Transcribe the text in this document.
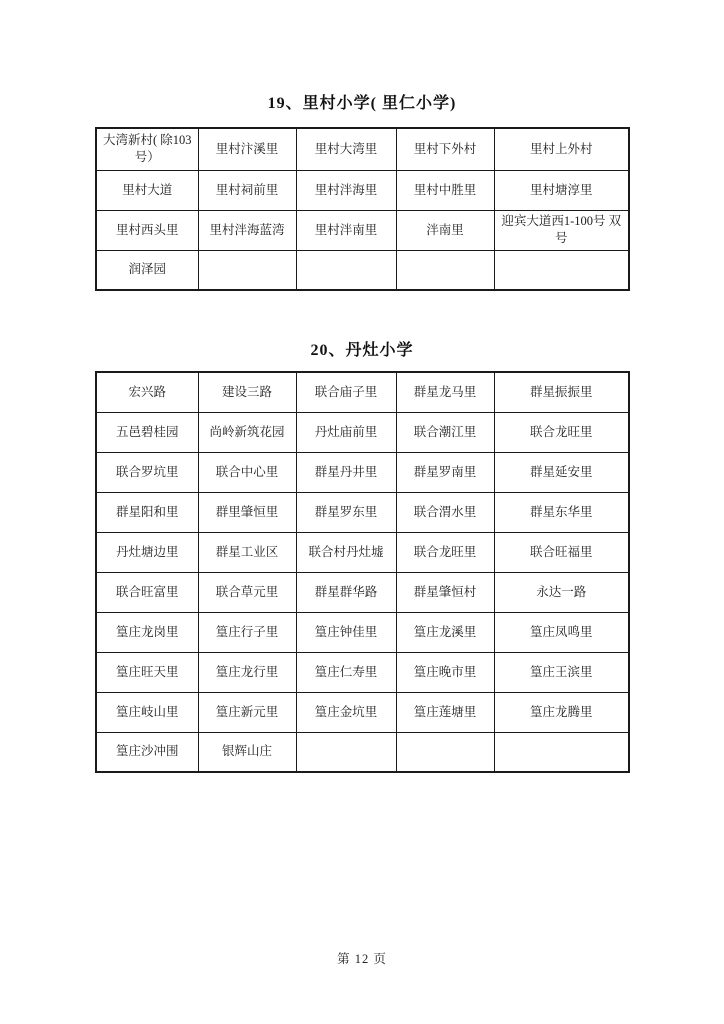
19、里村小学( 里仁小学)
大湾新村( 除103号）	里村汴溪里	里村大湾里	里村下外村	里村上外村
里村大道	里村祠前里	里村泮海里	里村中胜里	里村塘淳里
里村西头里	里村泮海蓝湾	里村泮南里	泮南里	迎宾大道西1-100号 双号
润泽园				
20、丹灶小学
宏兴路	建设三路	联合庙子里	群星龙马里	群星振振里
五邑碧桂园	尚岭新筑花园	丹灶庙前里	联合潮江里	联合龙旺里
联合罗坑里	联合中心里	群星丹井里	群星罗南里	群星延安里
群星阳和里	群里肇恒里	群星罗东里	联合渭水里	群星东华里
丹灶塘边里	群星工业区	联合村丹灶墟	联合龙旺里	联合旺福里
联合旺富里	联合草元里	群星群华路	群星肇恒村	永达一路
篁庄龙岗里	篁庄行子里	篁庄钟佳里	篁庄龙溪里	篁庄凤鸣里
篁庄旺天里	篁庄龙行里	篁庄仁寿里	篁庄晚市里	篁庄王滨里
篁庄岐山里	篁庄新元里	篁庄金坑里	篁庄莲塘里	篁庄龙腾里
篁庄沙冲围	银辉山庄			
第 12 页
